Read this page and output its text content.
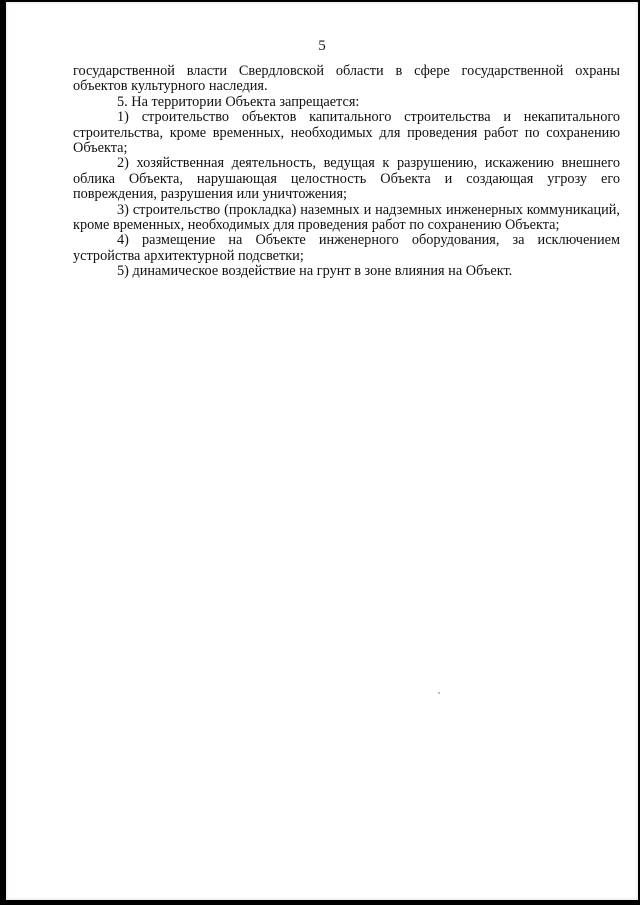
5

государственной власти Свердловской области в сфере государственной охраны объектов культурного наследия.

5. На территории Объекта запрещается:

1) строительство объектов капитального строительства и некапитального строительства, кроме временных, необходимых для проведения работ по сохранению Объекта;

2) хозяйственная деятельность, ведущая к разрушению, искажению внешнего облика Объекта, нарушающая целостность Объекта и создающая угрозу его повреждения, разрушения или уничтожения;

3) строительство (прокладка) наземных и надземных инженерных коммуникаций, кроме временных, необходимых для проведения работ по сохранению Объекта;

4) размещение на Объекте инженерного оборудования, за исключением устройства архитектурной подсветки;

5) динамическое воздействие на грунт в зоне влияния на Объект.
